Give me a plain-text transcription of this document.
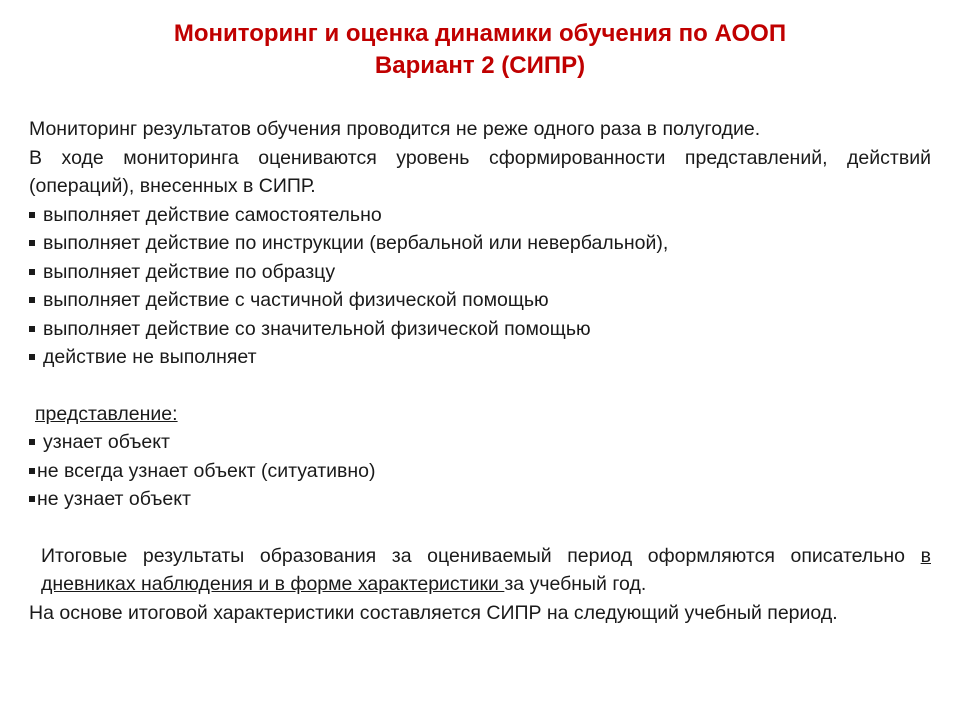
Мониторинг и оценка динамики обучения по АООП
Вариант 2 (СИПР)

Мониторинг результатов обучения проводится не реже одного раза в полугодие.

В ходе мониторинга оцениваются уровень сформированности представлений, действий (операций), внесенных в СИПР.

выполняет действие самостоятельно
выполняет действие по инструкции (вербальной или невербальной),
выполняет действие по образцу
выполняет действие с частичной физической помощью
выполняет действие со значительной физической помощью
действие не выполняет

представление:

узнает объект
не всегда узнает объект (ситуативно)
не узнает объект

Итоговые результаты образования за оцениваемый период оформляются описательно в дневниках наблюдения и в форме характеристики за учебный год.

На основе итоговой характеристики составляется СИПР на следующий учебный период.
